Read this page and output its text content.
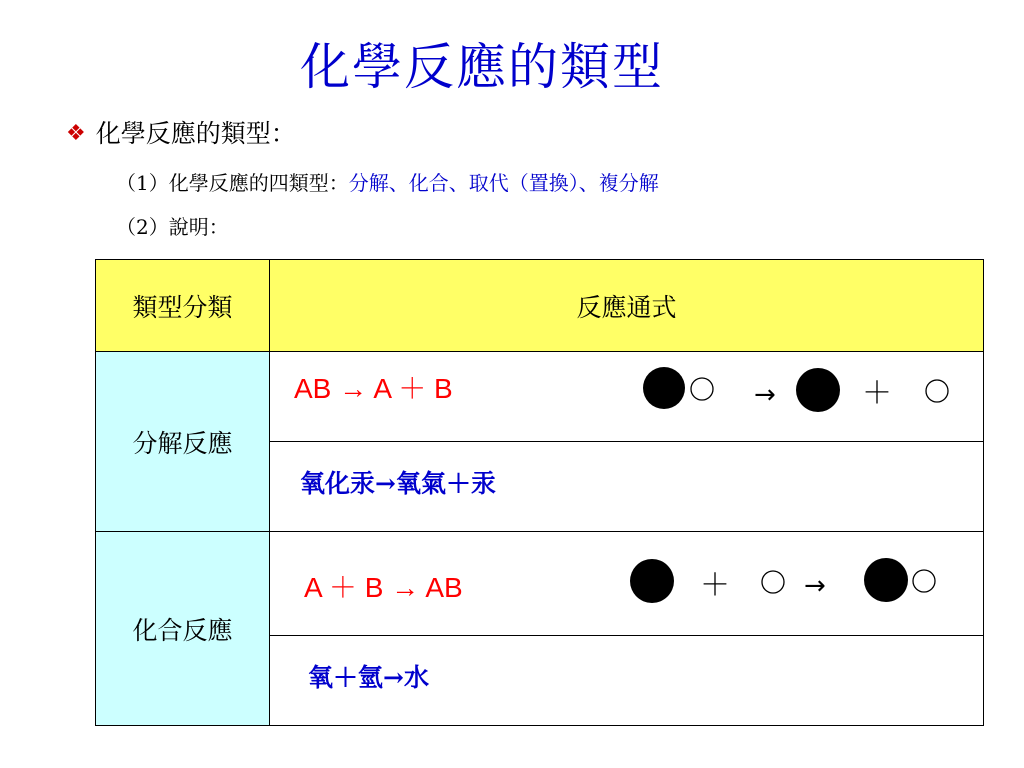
化學反應的類型
❖ 化學反應的類型：
（1）化學反應的四類型：分解、化合、取代（置換）、複分解
（2）說明：
類型分類	反應通式
分解反應	AB → A ＋ B → ＋

	氧化汞→氧氣＋汞

化合反應	A ＋ B → AB ＋ →

	氧＋氫→水
